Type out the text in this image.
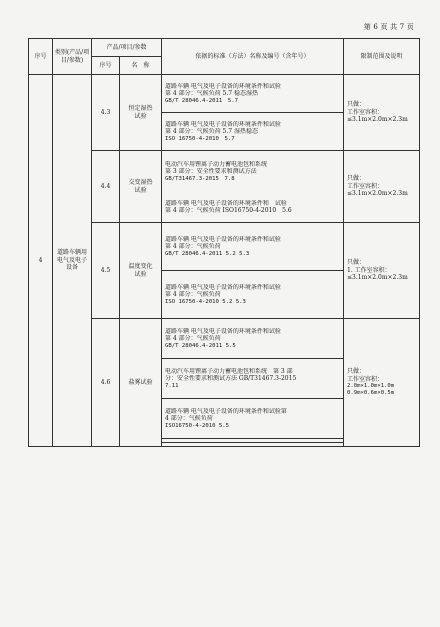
第 6 页 共 7 页
序号	类别(产品/项目/参数)	产品/项目/参数		依据的标准（方法）名称及编号（含年号）	限制范围及说明
		序号	名　称		
4	道路车辆用电气及电子设备	4.3	恒定湿热试验	道路车辆 电气及电子设备的环境条件和试验
第 4 部分：气候负荷 5.7 稳态湿热
GB/T 28046.4-2011　5.7	只做：
工作室容积：
≤3.1m×2.0m×2.3m

				道路车辆 电气及电子设备的环境条件和试验
第 4 部分：气候负荷 5.7 湿热稳态
ISO 16750-4-2010　5.7	

		4.4	交变湿热试验	电动汽车用锂离子动力蓄电池包和系统
第 3 部分：安全性要求和测试方法
GB/T31467.3-2015　7.8	只做：
工作室容积：
≤3.1m×2.0m×2.3m

				道路车辆 电气及电子设备的环境条件和　试验
第 4 部分：气候负荷 ISO16750-4-2010　5.6	

		4.5	温度变化试验	道路车辆 电气及电子设备的环境条件和试验
第 4 部分：气候负荷
GB/T 28046.4-2011 5.2 5.3	只做：
1. 工作室容积：
≤3.1m×2.0m×2.3m

				道路车辆 电气及电子设备的环境条件和试验
第 4 部分：气候负荷
ISO 16750-4-2010 5.2 5.3	

		4.6	盐雾试验	道路车辆 电气及电子设备的环境条件和试验
第 4 部分：气候负荷
GB/T 28046.4-2011 5.5	只做：
工作室容积：
2.0m×1.0m×1.0m
0.9m×0.6m×0.5m

				电动汽车用锂离子动力蓄电池包和系统　第 3 部
分：安全性要求和测试方法 GB/T31467.3-2015
7.11	

				道路车辆 电气及电子设备的环境条件和试验第
4 部分：气候负荷
ISO16750-4-2010 5.5	
